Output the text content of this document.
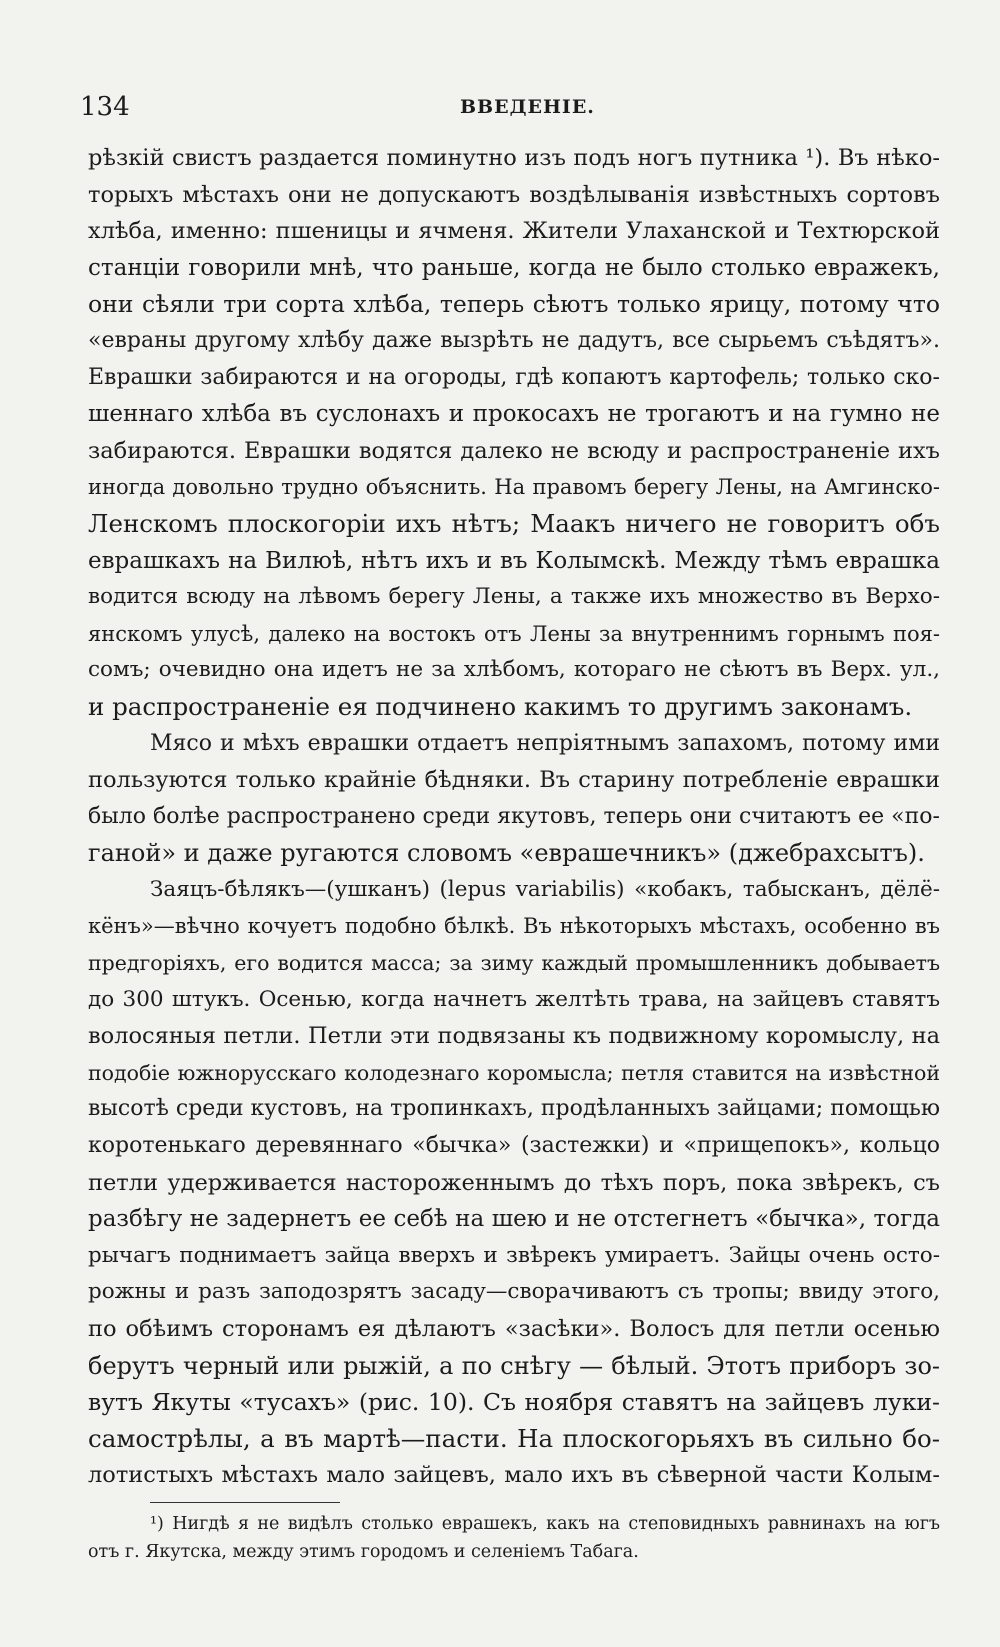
134	ВВЕДЕНІЕ.
рѣзкій свистъ раздается поминутно изъ подъ ногъ путника ¹). Въ нѣко-
торыхъ мѣстахъ они не допускаютъ воздѣлыванія извѣстныхъ сортовъ
хлѣба, именно: пшеницы и ячменя. Жители Улаханской и Техтюрской
станціи говорили мнѣ, что раньше, когда не было столько евражекъ,
они сѣяли три сорта хлѣба, теперь сѣютъ только ярицу, потому что
«евраны другому хлѣбу даже вызрѣть не дадутъ, все сырьемъ съѣдятъ».
Еврашки забираются и на огороды, гдѣ копаютъ картофель; только ско-
шеннаго хлѣба въ суслонахъ и прокосахъ не трогаютъ и на гумно не
забираются. Еврашки водятся далеко не всюду и распространеніе ихъ
иногда довольно трудно объяснить. На правомъ берегу Лены, на Амгинско-
Ленскомъ плоскогоріи ихъ нѣтъ; Маакъ ничего не говоритъ объ
еврашкахъ на Вилюѣ, нѣтъ ихъ и въ Колымскѣ. Между тѣмъ еврашка
водится всюду на лѣвомъ берегу Лены, а также ихъ множество въ Верхо-
янскомъ улусѣ, далеко на востокъ отъ Лены за внутреннимъ горнымъ поя-
сомъ; очевидно она идетъ не за хлѣбомъ, котораго не сѣютъ въ Верх. ул.,
и распространеніе ея подчинено какимъ то другимъ законамъ.
Мясо и мѣхъ еврашки отдаетъ непріятнымъ запахомъ, потому ими
пользуются только крайніе бѣдняки. Въ старину потребленіе еврашки
было болѣе распространено среди якутовъ, теперь они считаютъ ее «по-
ганой» и даже ругаются словомъ «еврашечникъ» (джебрахсытъ).
Заяцъ-бѣлякъ—(ушканъ) (lepus variabilis) «кобакъ, табысканъ, дёлё-
кёнъ»—вѣчно кочуетъ подобно бѣлкѣ. Въ нѣкоторыхъ мѣстахъ, особенно въ
предгоріяхъ, его водится масса; за зиму каждый промышленникъ добываетъ
до 300 штукъ. Осенью, когда начнетъ желтѣть трава, на зайцевъ ставятъ
волосяныя петли. Петли эти подвязаны къ подвижному коромыслу, на
подобіе южнорусскаго колодезнаго коромысла; петля ставится на извѣстной
высотѣ среди кустовъ, на тропинкахъ, продѣланныхъ зайцами; помощью
коротенькаго деревяннаго «бычка» (застежки) и «прищепокъ», кольцо
петли удерживается настороженнымъ до тѣхъ поръ, пока звѣрекъ, съ
разбѣгу не задернетъ ее себѣ на шею и не отстегнетъ «бычка», тогда
рычагъ поднимаетъ зайца вверхъ и звѣрекъ умираетъ. Зайцы очень осто-
рожны и разъ заподозрятъ засаду—сворачиваютъ съ тропы; ввиду этого,
по обѣимъ сторонамъ ея дѣлаютъ «засѣки». Волосъ для петли осенью
берутъ черный или рыжій, а по снѣгу — бѣлый. Этотъ приборъ зо-
вутъ Якуты «тусахъ» (рис. 10). Съ ноября ставятъ на зайцевъ луки-
самострѣлы, а въ мартѣ—пасти. На плоскогорьяхъ въ сильно бо-
лотистыхъ мѣстахъ мало зайцевъ, мало ихъ въ сѣверной части Колым-
¹) Нигдѣ я не видѣлъ столько еврашекъ, какъ на степовидныхъ равнинахъ на югъ
отъ г. Якутска, между этимъ городомъ и селеніемъ Табага.
